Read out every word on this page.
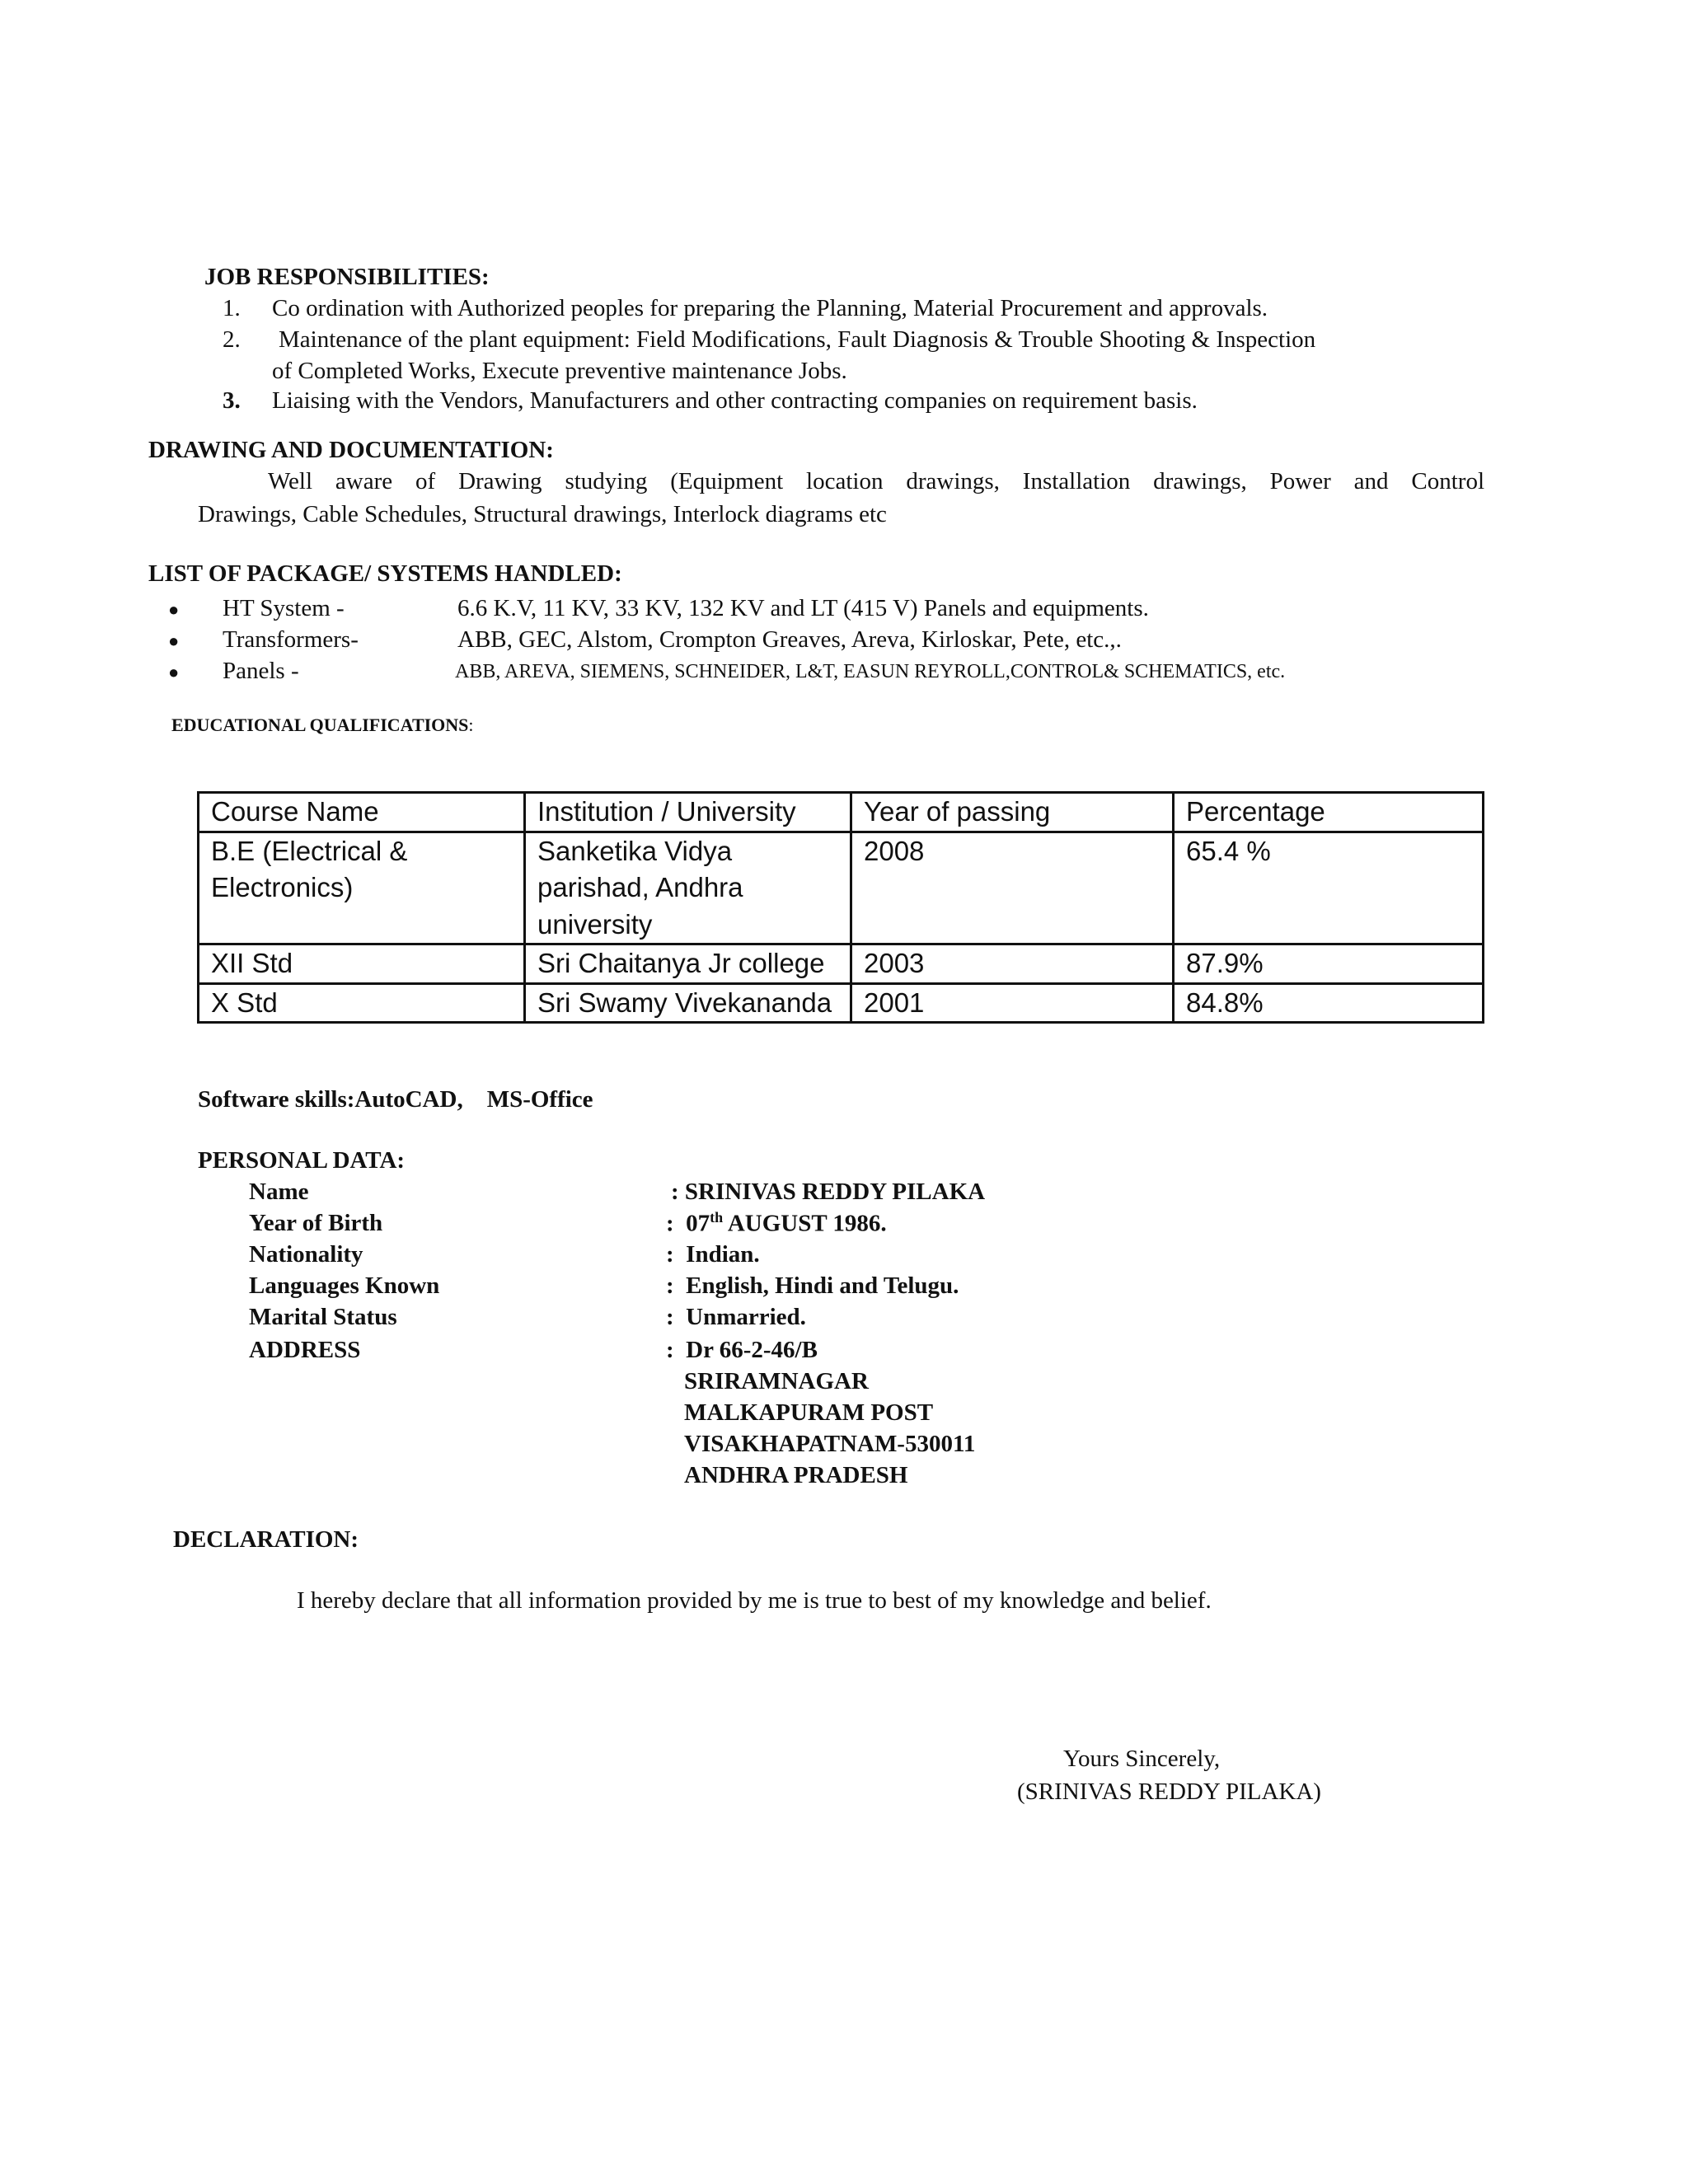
JOB RESPONSIBILITIES:
1. Co ordination with Authorized peoples for preparing the Planning, Material Procurement and approvals.
2. Maintenance of the plant equipment: Field Modifications, Fault Diagnosis & Trouble Shooting & Inspection
of Completed Works, Execute preventive maintenance Jobs.
3. Liaising with the Vendors, Manufacturers and other contracting companies on requirement basis.
DRAWING AND DOCUMENTATION:
Well aware of Drawing studying (Equipment location drawings, Installation drawings, Power and Control
Drawings, Cable Schedules, Structural drawings, Interlock diagrams etc
LIST OF PACKAGE/ SYSTEMS HANDLED:
● HT System -	6.6 K.V, 11 KV, 33 KV, 132 KV and LT (415 V) Panels and equipments.
● Transformers-	ABB, GEC, Alstom, Crompton Greaves, Areva, Kirloskar, Pete, etc.,.
● Panels -	ABB, AREVA, SIEMENS, SCHNEIDER, L&T, EASUN REYROLL,CONTROL& SCHEMATICS, etc.
EDUCATIONAL QUALIFICATIONS:
Course Name	Institution / University	Year of passing	Percentage
B.E (Electrical & Electronics)	Sanketika Vidya parishad, Andhra university	2008	65.4 %
XII Std	Sri Chaitanya Jr college	2003	87.9%
X Std	Sri Swamy Vivekananda	2001	84.8%
Software skills:AutoCAD,    MS-Office
PERSONAL DATA:
Name	: SRINIVAS REDDY PILAKA
Year of Birth	:  07th AUGUST 1986.
Nationality	:  Indian.
Languages Known	:  English, Hindi and Telugu.
Marital Status	:  Unmarried.
ADDRESS	:  Dr 66-2-46/B
SRIRAMNAGAR
MALKAPURAM POST
VISAKHAPATNAM-530011
ANDHRA PRADESH
DECLARATION:
I hereby declare that all information provided by me is true to best of my knowledge and belief.
Yours Sincerely,
(SRINIVAS REDDY PILAKA)
